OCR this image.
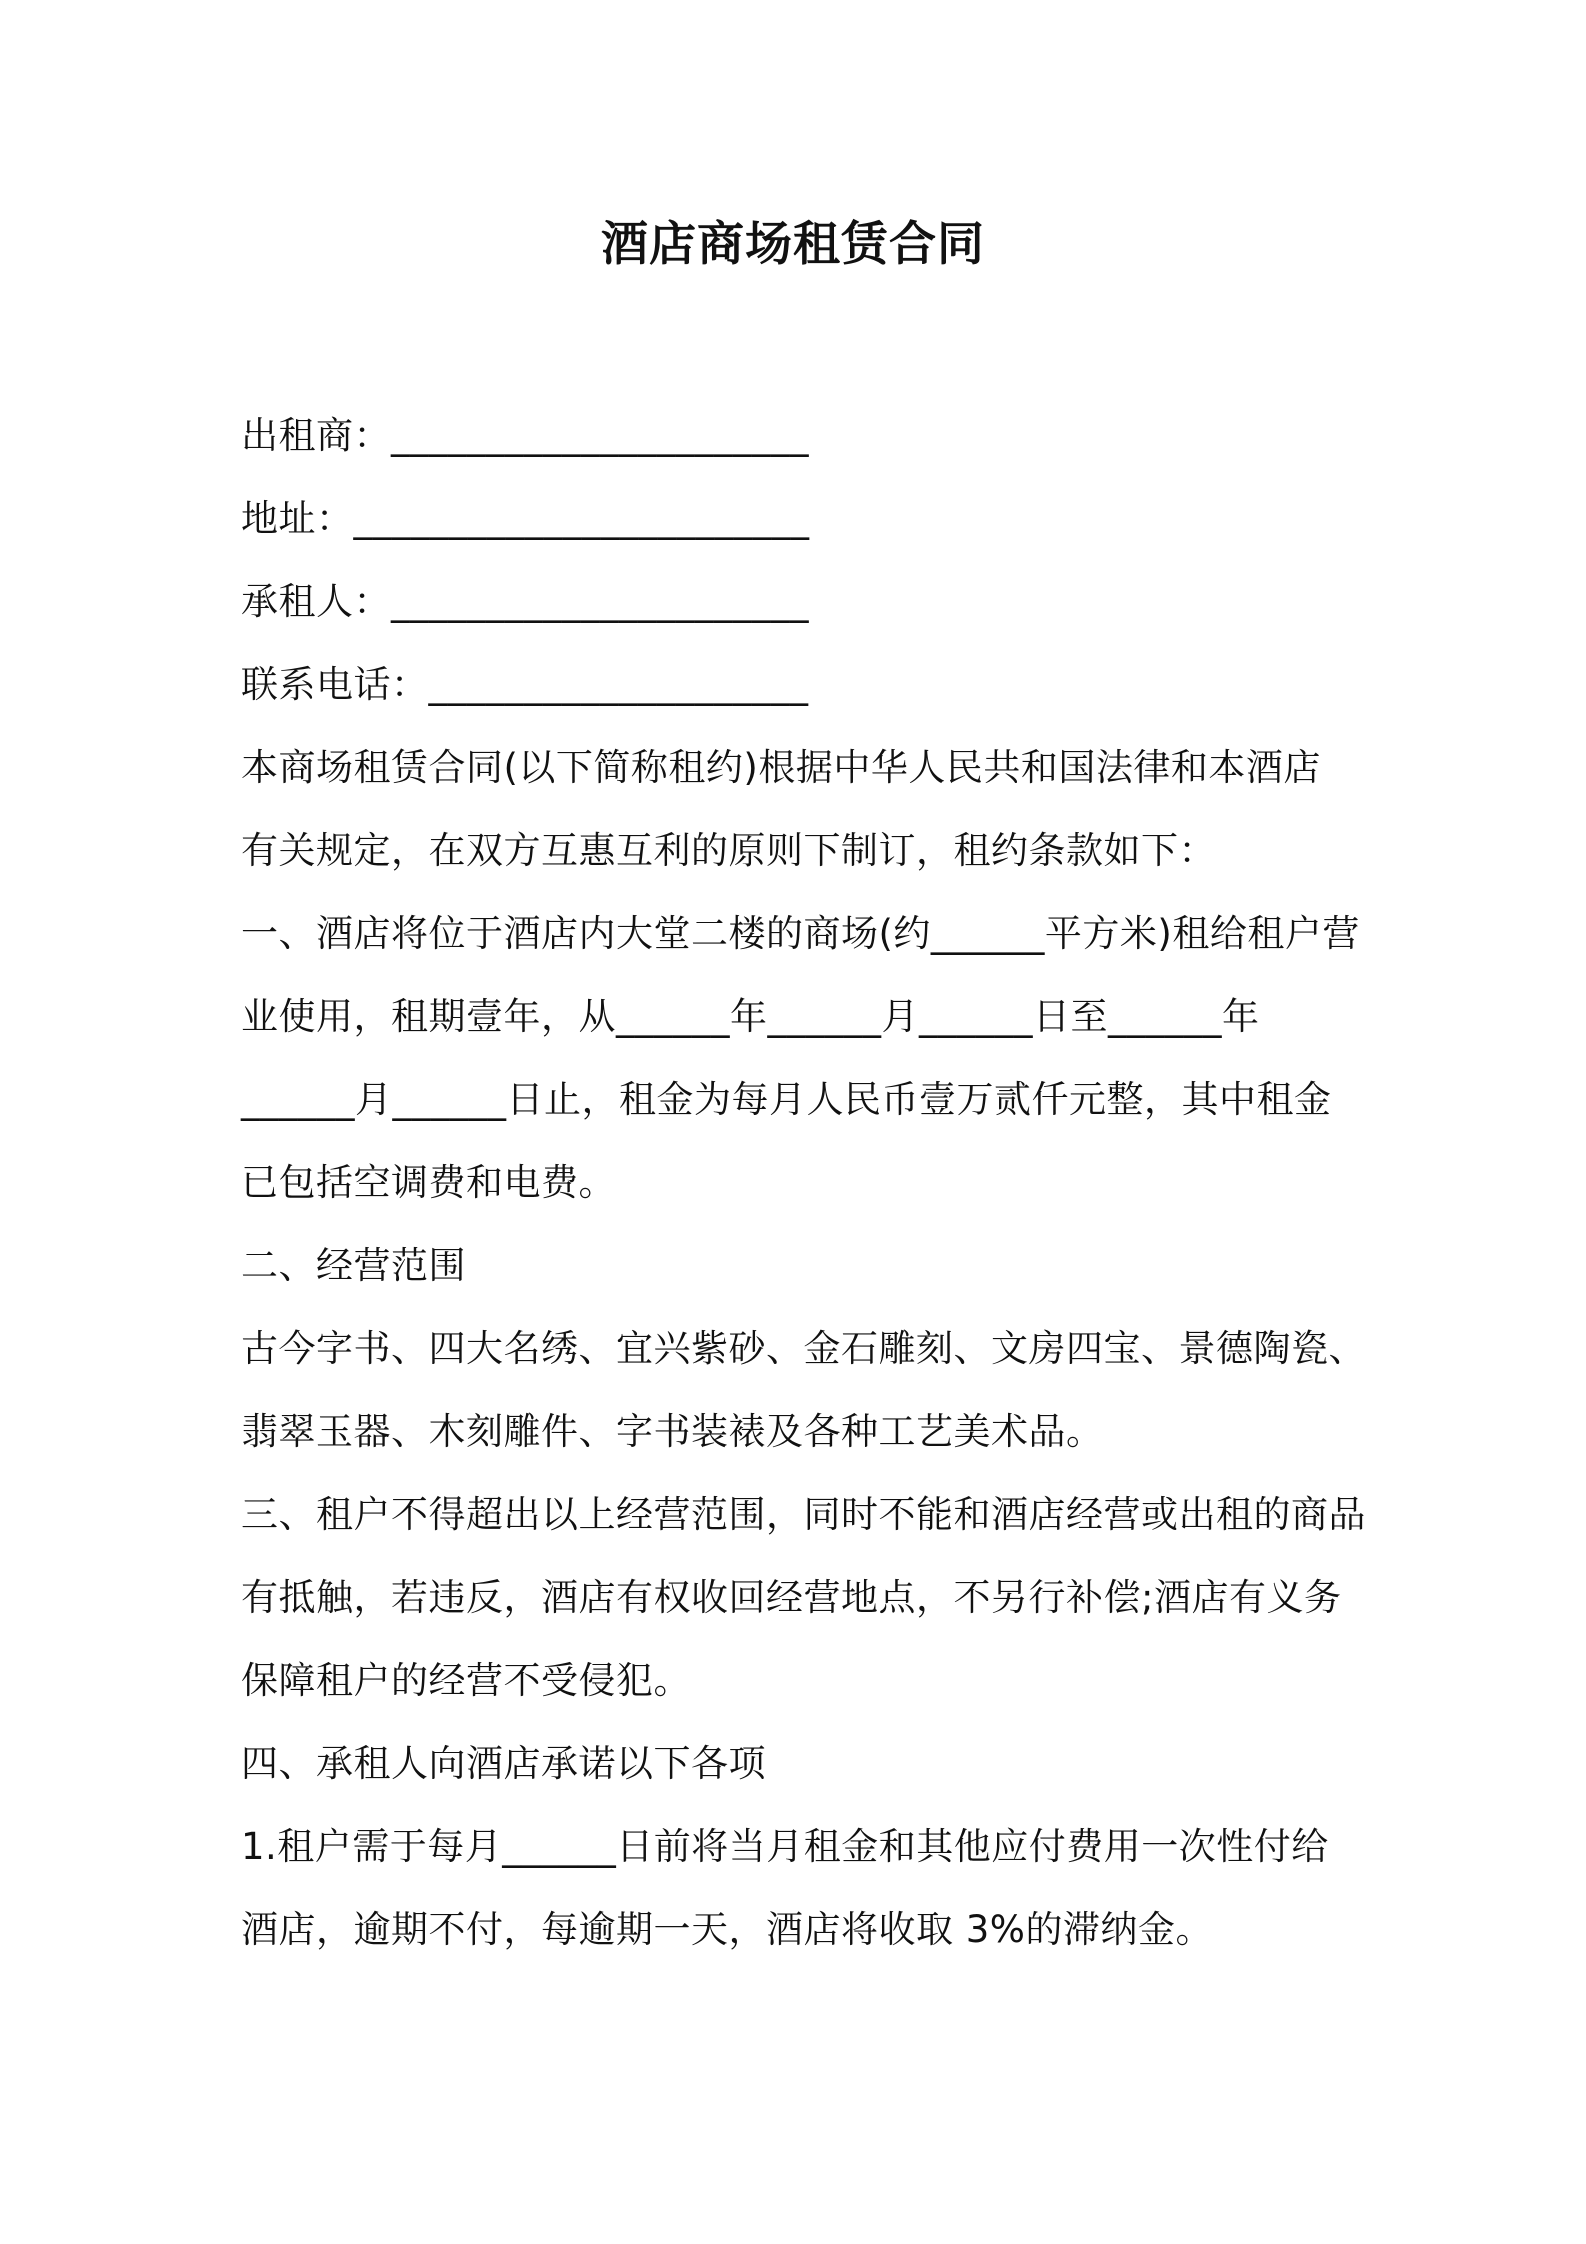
酒店商场租赁合同
出租商：______________________
地址：________________________
承租人：______________________
联系电话：____________________
本商场租赁合同(以下简称租约)根据中华人民共和国法律和本酒店
有关规定，在双方互惠互利的原则下制订，租约条款如下：
一、酒店将位于酒店内大堂二楼的商场(约______平方米)租给租户营
业使用，租期壹年，从______年______月______日至______年
______月______日止，租金为每月人民币壹万贰仟元整，其中租金
已包括空调费和电费。
二、经营范围
古今字书、四大名绣、宜兴紫砂、金石雕刻、文房四宝、景德陶瓷、
翡翠玉器、木刻雕件、字书装裱及各种工艺美术品。
三、租户不得超出以上经营范围，同时不能和酒店经营或出租的商品
有抵触，若违反，酒店有权收回经营地点，不另行补偿;酒店有义务
保障租户的经营不受侵犯。
四、承租人向酒店承诺以下各项
1.租户需于每月______日前将当月租金和其他应付费用一次性付给
酒店，逾期不付，每逾期一天，酒店将收取 3%的滞纳金。
